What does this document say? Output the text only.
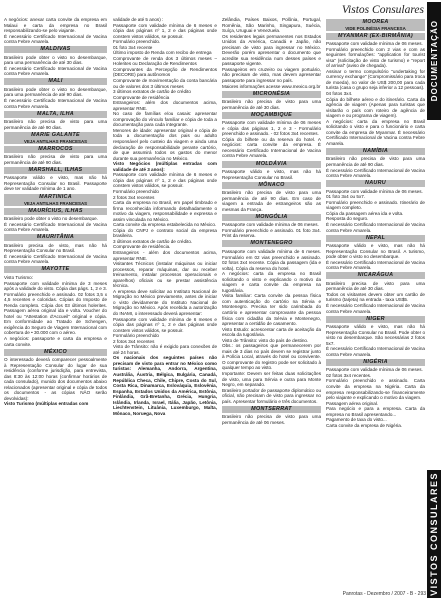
Vistos Consulares
DOCUMENTAÇÃO
VISTOS CONSULARES

A negócios: anexar carta convite da empresa em Malaui e carta da empresa no Brasil responsabilizando-se pelo viajante.

É necessário Certificado Internacional de Vacina contra Febre Amarela.

MALDIVAS

Brasileiro pode obter o visto no desembarque, para uma permanência de até 30 dias.

É necessário Certificado Internacional de Vacina contra Febre Amarela.

MALI

Brasileiro pode obter o visto no desembarque, para uma permanência de até 90 dias.

É necessário Certificado Internacional de Vacina contra Febre Amarela.

MALTA, ILHA

Brasileiro não precisa de visto para uma permanência de até 90 dias.

MARIE GALANTE
VEJA ANTILHAS FRANCESAS
MARROCOS

Brasileiro não precisa de visto para uma permanência de até 90 dias.

MARSHALL, ILHAS

Passaporte válido e visto, mas não há Representação Consular no Brasil. Passaporte deve ter validade mínima de 1 ano.

MARTINICA
VEJA ANTILHAS FRANCESAS
MAURÍCIUS, ILHAS

Brasileiro pode obter o visto no desembarque.

É necessário Certificado Internacional de Vacina contra Febre Amarela.

MAURITÂNIA

Brasileiro precisa de visto, mas não há Representação Consular no Brasil.

É necessário Certificado Internacional de Vacina contra Febre Amarela.

MAYOTTE

Visto Turismo:

Passaporte com validade mínima de 3 meses após a validade do visto. Cópia das págs. 1, 2 e 3.

Formulário preenchido e assinado. 02 fotos 3,5 x 4,5 recentes e coloridas. Cópias do Imposto de Renda completo. Cópia dos 03 últimos holerites. Passagem aérea original ida e volta. Voucher do hotel ou "Attestation d'Accueil" original e cópia. Em conformidade ao Tratado de Schengen, exigência do Seguro de Viagem Internacional com cobertura de • 30.000 com o aéreo.

A negócios: passaporte e carta da empresa e carta convite.

MÉXICO

O interessado deverá comparecer pessoalmente à Representação Consular do lugar de sua residência (conforme jurisdição, para entrevista, das 8:30 às 12:00 horas (confirmar horários de cada consulado), munido dos documentos abaixo relacionados (apresentar original e cópia de todos os documentos - as cópias NÃO serão devolvidas):

Visto Turismo (múltiplas entradas com

validade de até 5 anos) :

Passaporte com validade mínima de 6 meses e cópia das páginas nº 1, 2 e das páginas onde constem vistos válidos, se possuir.

Formulário preenchido.

01 foto 3x4 recente

Último imposto de Renda com recibo de entrega

Comprovante de renda dos 3 últimos meses – Holerites ou Declaração de Rendimentos

Comprovantes da Percepção de Rendimentos (DECORE) para autônomos

Comprovante de movimentação da conta bancária ou de valores dos 3 últimos meses

3 últimos extratos de cartão de crédito

Comprovante de residência

Estrangeiros: além dos documentos acima, apresentar RNE.

No caso de famílias e/ou casais: apresentar comprovação do vínculo familiar e cópia de toda a documentação para cada integrante.

Menores de idade: apresentar original e cópia de toda a documentação dos pais ou adulto responsável pelo custeio da viagem e ainda uma declaração de responsabilidade perante cartório, de que assumirá todos os gastos do menor durante sua permanência no México.

Visto Negócios (múltiplas entradas com validade de até 3 anos):

Passaporte com validade mínima de 6 meses e cópia das páginas nº 1, 2 e das páginas onde constem vistos válidos, se possuir.

Formulário preenchido

2 fotos 3x4 recentes

Carta da empresa no Brasil, em papel timbrado e firma reconhecida informando detalhadamente o motivo da viagem, responsabilidade e expressa e assim vinculada no México.

Carta convite da empresa estabelecida no México.

Cópia do CNPJ e contrato social da empresa brasileira.

3 últimos extratos de cartão de crédito.

Comprovante de residência.

Estrangeiros - além dos documentos acima, apresentar RNE.

Visitantes Técnicos (instalar máquinas ou iniciar processos, reparar máquinas, dar ou receber treinamento, instalar processos operacionais e aparelhos) oficiais ou se prestar assistência técnica.

A empresa deve solicitar ao Instituto Nacional de Migração no México previamente, antes de iniciar o visto devidamente do Instituto Nacional de Migração no México. Após recebida a autorização do INAMI, o interessado deverá apresentar:

Passaporte com validade mínima de 6 meses e cópia das páginas nº 1, 2 e das páginas onde constem vistos válidos, se possuir.

Formulário preenchido

2 fotos 3x4 recentes

Visto de Trânsito: não é exigido para conexões de até 24 horas.

Os nacionais dos seguintes países não precisam de visto para entrar no México como turistas: Alemanha, Andorra, Argentina, Austrália, Áustria, Bélgica, Bulgária, Canadá, República Checa, Chile, Chipre, Costa do Sul, Costa Rica, Dinamarca, Eslováquia, Eslovênia, Espanha, Estados Unidos da América, Estônia, Finlândia, Grã-Bretanha, Grécia, Hungria, Islândia, Irlanda, Israel, Itália, Japão, Letônia, Liechtenstein, Lituânia, Luxemburgo, Malta, Mônaco, Noruega, Nova

Zelândia, Países Baixos, Polônia, Portugal, Romênia, São Marinho, Singapura, Suécia, Suíça, Uruguai e Venezuela.

Os residentes legais permanentes nos Estados Unidos da América, Canadá e Japão, não precisam de visto para ingressar no México. Deverão porém apresentar o documento que acredite sua residência num desses países e passaporte vigente.

Passageiros em cruzeiro ou viagem portuário, não precisam de visto, mas devem apresentar passaporte para ingressar no país.

Maiores informações acesse www.mexico.org.br

MICRONÉSIA

Brasileiro não precisa de visto para uma permanência de até 30 dias.

MOÇAMBIQUE

Passaporte com validade mínima de 06 meses e cópia das páginas 1, 2 e 3 - Formulário preenchido e assinado. - 02 fotos 3x4 recentes.

Cópia do bilhete ou da reserva do hotel. A negócios: carta convite da empresa. É necessário Certificado Internacional de Vacina contra Febre Amarela.

MOLDÁVIA

Passaporte válido e visto, mas não há Representação Consular no Brasil.

MÔNACO

Brasileiro não precisa de visto para uma permanência de até 90 dias. Em caso de viagem a entrada de estrangeiros são as mesmas da França.

MONGÓLIA

Passaporte com validade mínima de 06 meses.

Formulário preenchido e assinado. 01 foto 3x4. Print da reserva.

MONTENEGRO

Passaporte com validade mínima de 6 meses. Formulário em 02 vias preenchido e assinado. 02 fotos 3x4 recente. Cópia da passagem (ida e volta). Cópia da reserva do hotel.

A negócios: carta da empresa no Brasil solicitando o visto e explicando o motivo da viagem e carta convite da empresa na Iugoslávia.

Visita familiar: Carta convite da pessoa física com autenticação do cartório na Sérvia e Montenegro. Precisa ter sido carimbada do cartório e apresentar comprovante da pessoa física com cidadão da Sérvia e Montenegro, apresentar a certidão de casamento.

Visto Estudo: acrescentar carta de aceitação da escola da Iugoslávia.

Visto de Trânsito: visto do país de destino.

Obs.: os passageiros que permanecerem por mais de 3 dias no país devem se registrar junto à Polícia Local, através do hotel ou convivente. O comprovante do registro pode ser solicitado à qualquer tempo ao visto.

Importante: Devem ser feitas duas solicitações de visto, uma para Sérvia e outra para Monte Negro, em separado.

Brasileiro portador de passaporte diplomático ou oficial, não precisam de visto para ingressar no país. Apresentar formulário e três documentos.

MONTSERRAT

Brasileiro não precisa de visto para uma permanência de até 06 meses.

MOOREA
VIDE POLINÉSIA FRANCESA
MYANMAR (EX-BIRMÂNIA)

Passaporte com validade mínima de 06 meses.

Formulário preenchido com 2 vias e com as seguintes formulações: "application for tourist visa" (solicitação de visto de turismo) e "report of arrival" (aviso de chegada).

Assinar o termo compulsório "undertaking for currency exchange" (Compromissário para troca de moeda), no valor de US$ 200,00 para cada turista (casa o grupo seja inferior a 12 pessoas).

04 fotos 3x4.

Cópia do bilhete aéreo e do itinerário. Carta da agência de viagem (Apenas para turistas que visitarão o país com roteiro de agência de viagem e ou programa de viagem).

A negócios: carta da empresa no Brasil solicitando o visto e para o funcionário e carta convite da empresa de Myanmar. É necessário Certificado Internacional de Vacina contra Febre Amarela.

NAMÍBIA

Brasileiro não precisa de visto para uma permanência de até 90 dias.

É necessário Certificado Internacional de Vacina contra Febre Amarela.

NAURU

Passaporte com validade mínima de 06 meses.

01 foto 3x4 ou 5x7.

Formulário preenchido e assinado. Itinerário de viagem completo.

Cópia da passagem aérea ida e volta.

Resposta do seguro.

É necessário Certificado Internacional de Vacina contra Febre Amarela.

NEPAL

Passaporte válido e visto, mas não há Representação Consular no Brasil. A turismo, pode obter o visto no desembarque.

É necessário Certificado Internacional de Vacina contra Febre Amarela.

NICARÁGUA

Brasileiro precisa de visto para uma permanência de até 30 dias.

Todos os visitantes devem obter um cartão de turismo (tarjeta) na entrada - taxa US$5.

É necessário Certificado Internacional de Vacina contra Febre Amarela.

NIGER

Passaporte válido e visto, mas não há Representação Consular no Brasil. Pode obter o visto no desembarque. São necessárias 2 fotos 5x7.

É necessário Certificado Internacional de Vacina contra Febre Amarela.

NIGÉRIA

Passaporte com validade mínima de 06 meses.

02 fotos 3x4 recentes.

Formulário preenchido e assinado. Carta convite da empresa na Nigéria. Carta da empresa responsabilizando-se financeiramente pelo viajante e explicando o motivo da viagem.

Passagem aérea original.

Para negócio e para a empresa. Carta da empresa no Brasil apresentando...

Pagamento de taxa do visto...

Carta convite da empresa de Nigéria.

Panrotas - Dezembro / 2007 - B - 293
